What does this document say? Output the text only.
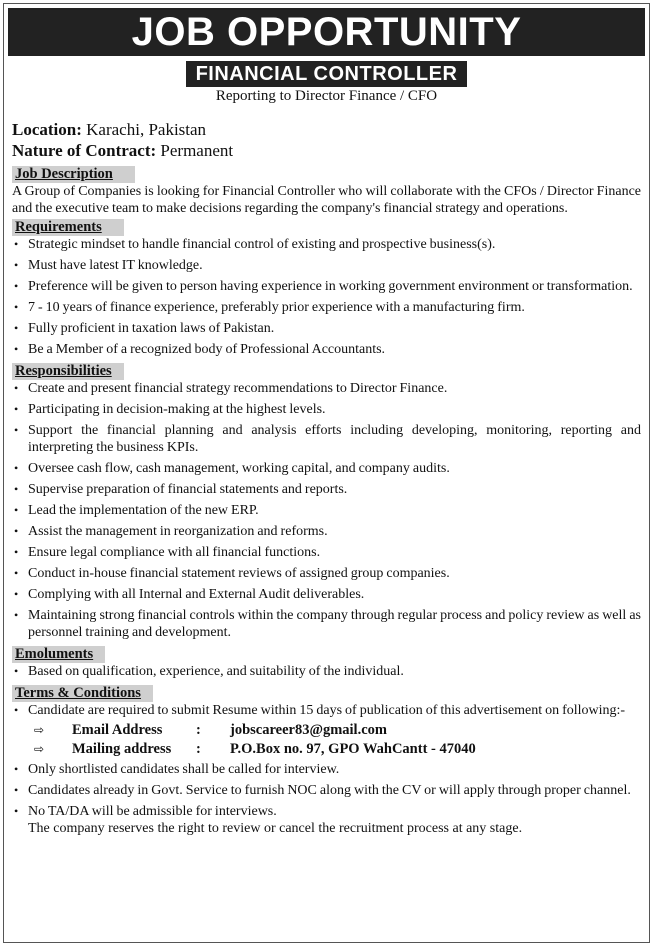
JOB OPPORTUNITY
FINANCIAL CONTROLLER
Reporting to Director Finance / CFO
Location: Karachi, Pakistan
Nature of Contract: Permanent
Job Description

A Group of Companies is looking for Financial Controller who will collaborate with the CFOs / Director Finance and the executive team to make decisions regarding the company's financial strategy and operations.

Requirements
• Strategic mindset to handle financial control of existing and prospective business(s).
• Must have latest IT knowledge.
• Preference will be given to person having experience in working government environment or transformation.
• 7 - 10 years of finance experience, preferably prior experience with a manufacturing firm.
• Fully proficient in taxation laws of Pakistan.
• Be a Member of a recognized body of Professional Accountants.
Responsibilities
• Create and present financial strategy recommendations to Director Finance.
• Participating in decision-making at the highest levels.
• Support the financial planning and analysis efforts including developing, monitoring, reporting and interpreting the business KPIs.
• Oversee cash flow, cash management, working capital, and company audits.
• Supervise preparation of financial statements and reports.
• Lead the implementation of the new ERP.
• Assist the management in reorganization and reforms.
• Ensure legal compliance with all financial functions.
• Conduct in-house financial statement reviews of assigned group companies.
• Complying with all Internal and External Audit deliverables.
• Maintaining strong financial controls within the company through regular process and policy review as well as personnel training and development.
Emoluments
• Based on qualification, experience, and suitability of the individual.
Terms & Conditions
• Candidate are required to submit Resume within 15 days of publication of this advertisement on following:-
⇨	Email Address	:	jobscareer83@gmail.com
⇨	Mailing address	:	P.O.Box no. 97, GPO WahCantt - 47040
• Only shortlisted candidates shall be called for interview.
• Candidates already in Govt. Service to furnish NOC along with the CV or will apply through proper channel.
• No TA/DA will be admissible for interviews.
The company reserves the right to review or cancel the recruitment process at any stage.
